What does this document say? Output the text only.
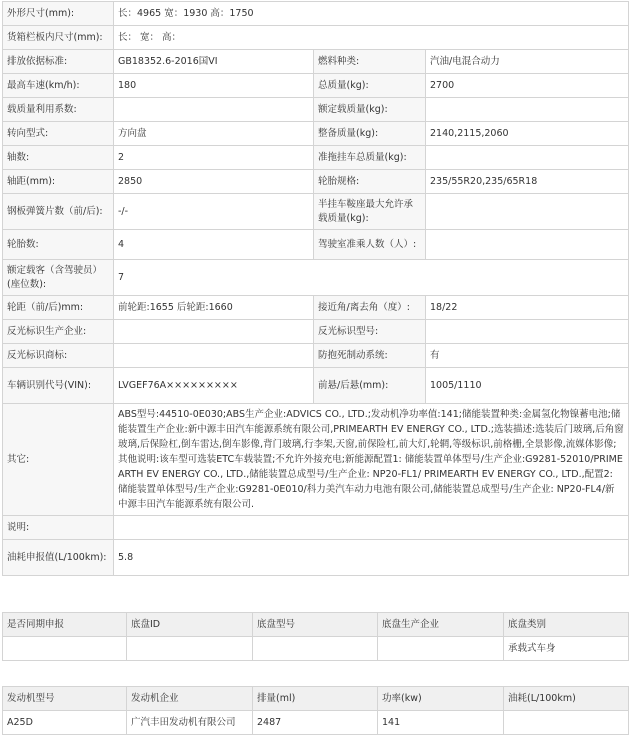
外形尺寸(mm):	长：4965 宽：1930 高：1750		
货箱栏板内尺寸(mm):	长： 宽： 高：		
排放依据标准:	GB18352.6-2016国VI	燃料种类:	汽油/电混合动力
最高车速(km/h):	180	总质量(kg):	2700
载质量利用系数:		额定载质量(kg):	
转向型式:	方向盘	整备质量(kg):	2140,2115,2060
轴数:	2	准拖挂车总质量(kg):	
轴距(mm):	2850	轮胎规格:	235/55R20,235/65R18
钢板弹簧片数（前/后):	-/-	半挂车鞍座最大允许承载质量(kg):	
轮胎数:	4	驾驶室准乘人数（人）:	
额定载客（含驾驶员）(座位数):	7		
轮距（前/后)mm:	前轮距:1655 后轮距:1660	接近角/离去角（度）:	18/22
反光标识生产企业:		反光标识型号:	
反光标识商标:		防抱死制动系统:	有
车辆识别代号(VIN):	LVGEF76A×××××××××	前悬/后悬(mm):	1005/1110
其它:	ABS型号:44510-0E030;ABS生产企业:ADVICS CO., LTD.;发动机净功率值:141;储能装置种类:金属氢化物镍蓄电池;储能装置生产企业:新中源丰田汽车能源系统有限公司,PRIMEARTH EV ENERGY CO., LTD.;选装描述:选装后门玻璃,后角窗玻璃,后保险杠,倒车雷达,倒车影像,背门玻璃,行李架,天窗,前保险杠,前大灯,轮辋,等级标识,前格栅,全景影像,流媒体影像;其他说明:该车型可选装ETC车载装置;不允许外接充电;新能源配置1: 储能装置单体型号/生产企业:G9281-52010/PRIMEARTH EV ENERGY CO., LTD.,储能装置总成型号/生产企业: NP20-FL1/ PRIMEARTH EV ENERGY CO., LTD.,配置2: 储能装置单体型号/生产企业:G9281-0E010/科力美汽车动力电池有限公司,储能装置总成型号/生产企业: NP20-FL4/新中源丰田汽车能源系统有限公司.		
说明:			
油耗申报值(L/100km):	5.8		
是否同期申报	底盘ID	底盘型号	底盘生产企业	底盘类别
				承载式车身
发动机型号	发动机企业	排量(ml)	功率(kw)	油耗(L/100km)
A25D	广汽丰田发动机有限公司	2487	141	
